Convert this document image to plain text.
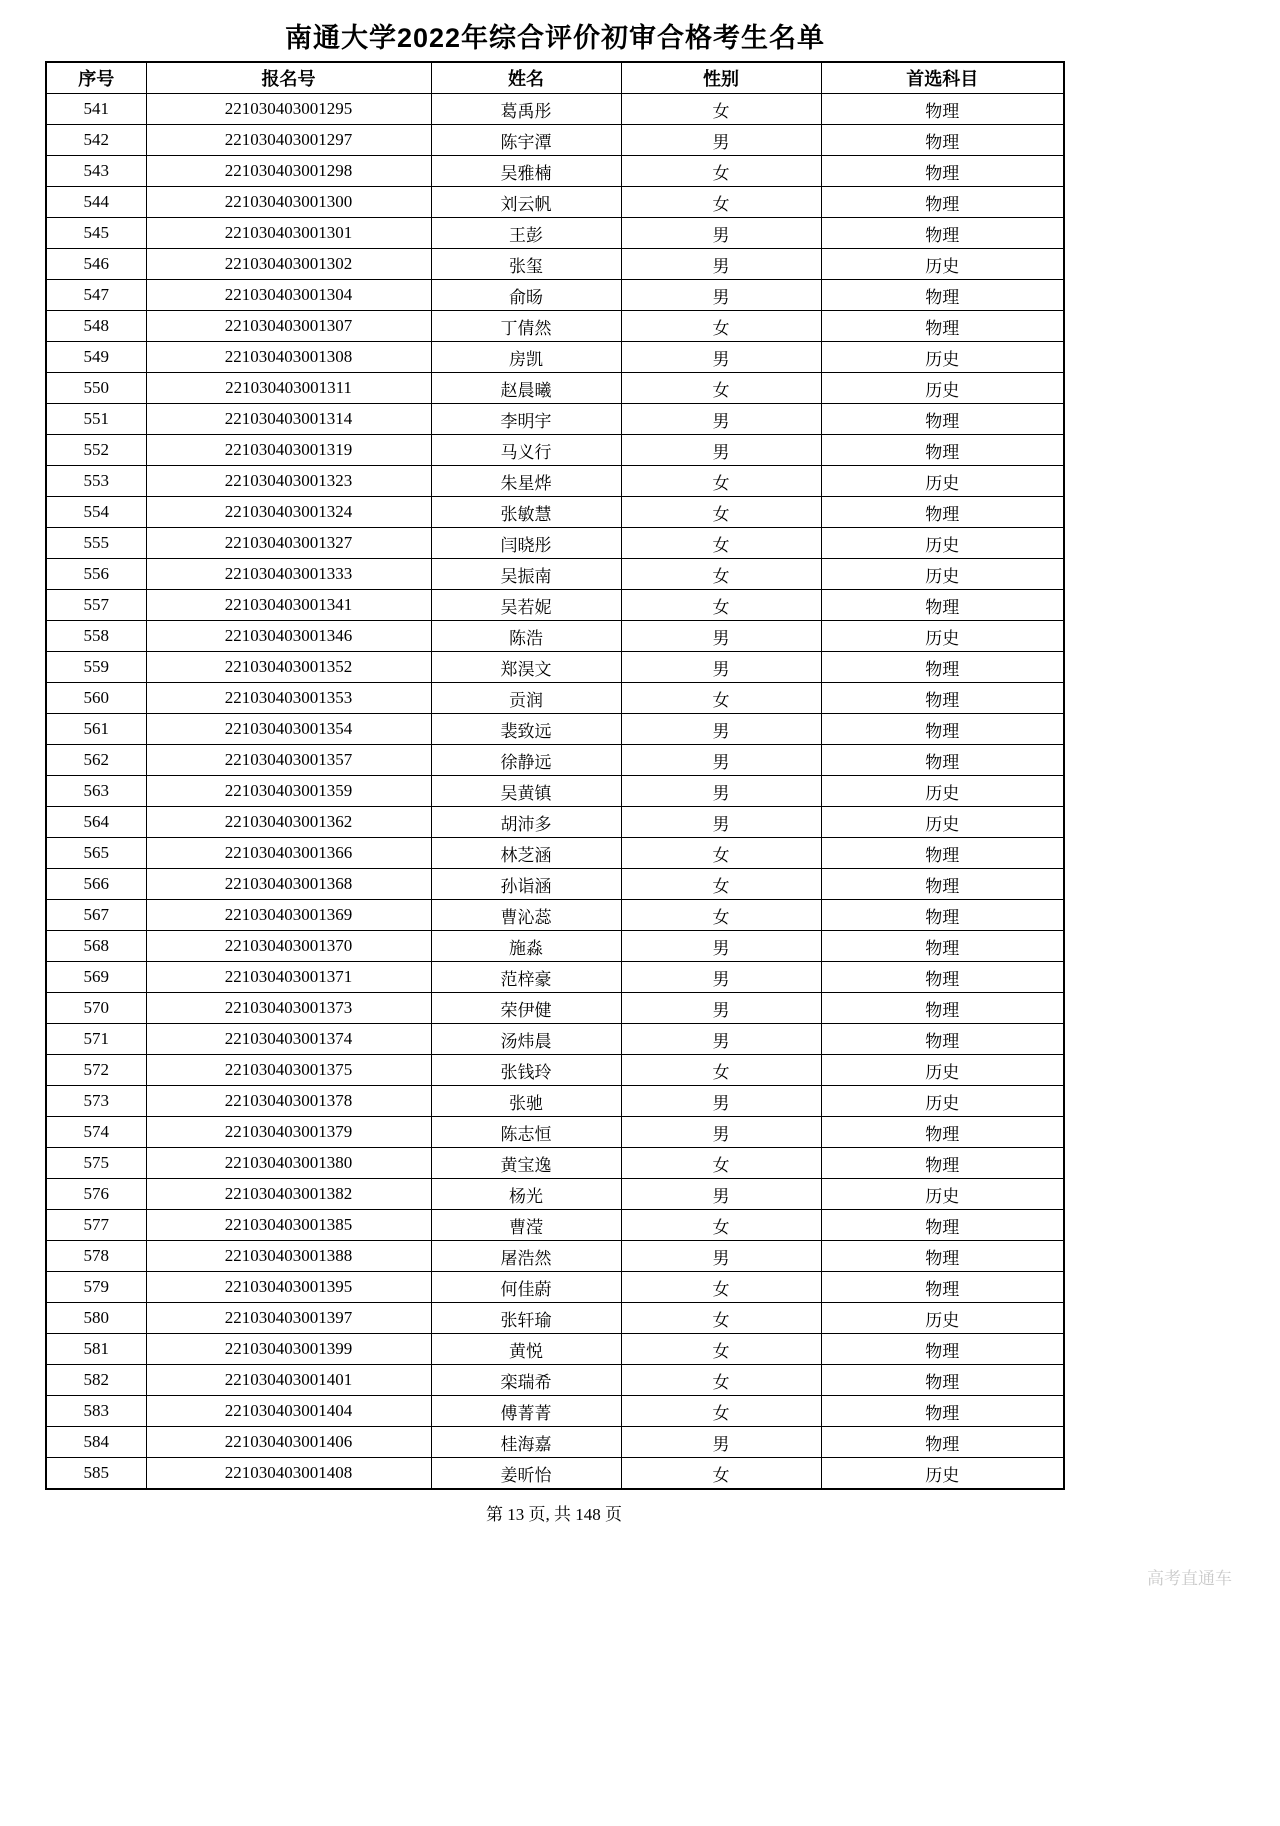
南通大学2022年综合评价初审合格考生名单
序号	报名号	姓名	性别	首选科目
541	221030403001295	葛禹彤	女	物理
542	221030403001297	陈宇潭	男	物理
543	221030403001298	吴雅楠	女	物理
544	221030403001300	刘云帆	女	物理
545	221030403001301	王彭	男	物理
546	221030403001302	张玺	男	历史
547	221030403001304	俞旸	男	物理
548	221030403001307	丁倩然	女	物理
549	221030403001308	房凯	男	历史
550	221030403001311	赵晨曦	女	历史
551	221030403001314	李明宇	男	物理
552	221030403001319	马义行	男	物理
553	221030403001323	朱星烨	女	历史
554	221030403001324	张敏慧	女	物理
555	221030403001327	闫晓彤	女	历史
556	221030403001333	吴振南	女	历史
557	221030403001341	吴若妮	女	物理
558	221030403001346	陈浩	男	历史
559	221030403001352	郑淏文	男	物理
560	221030403001353	贡润	女	物理
561	221030403001354	裴致远	男	物理
562	221030403001357	徐静远	男	物理
563	221030403001359	吴黄镇	男	历史
564	221030403001362	胡沛多	男	历史
565	221030403001366	林芝涵	女	物理
566	221030403001368	孙诣涵	女	物理
567	221030403001369	曹沁蕊	女	物理
568	221030403001370	施淼	男	物理
569	221030403001371	范梓豪	男	物理
570	221030403001373	荣伊健	男	物理
571	221030403001374	汤炜晨	男	物理
572	221030403001375	张钱玲	女	历史
573	221030403001378	张驰	男	历史
574	221030403001379	陈志恒	男	物理
575	221030403001380	黄宝逸	女	物理
576	221030403001382	杨光	男	历史
577	221030403001385	曹滢	女	物理
578	221030403001388	屠浩然	男	物理
579	221030403001395	何佳蔚	女	物理
580	221030403001397	张轩瑜	女	历史
581	221030403001399	黄悦	女	物理
582	221030403001401	栾瑞希	女	物理
583	221030403001404	傅菁菁	女	物理
584	221030403001406	桂海嘉	男	物理
585	221030403001408	姜昕怡	女	历史
第 13 页, 共 148 页
高考直通车
